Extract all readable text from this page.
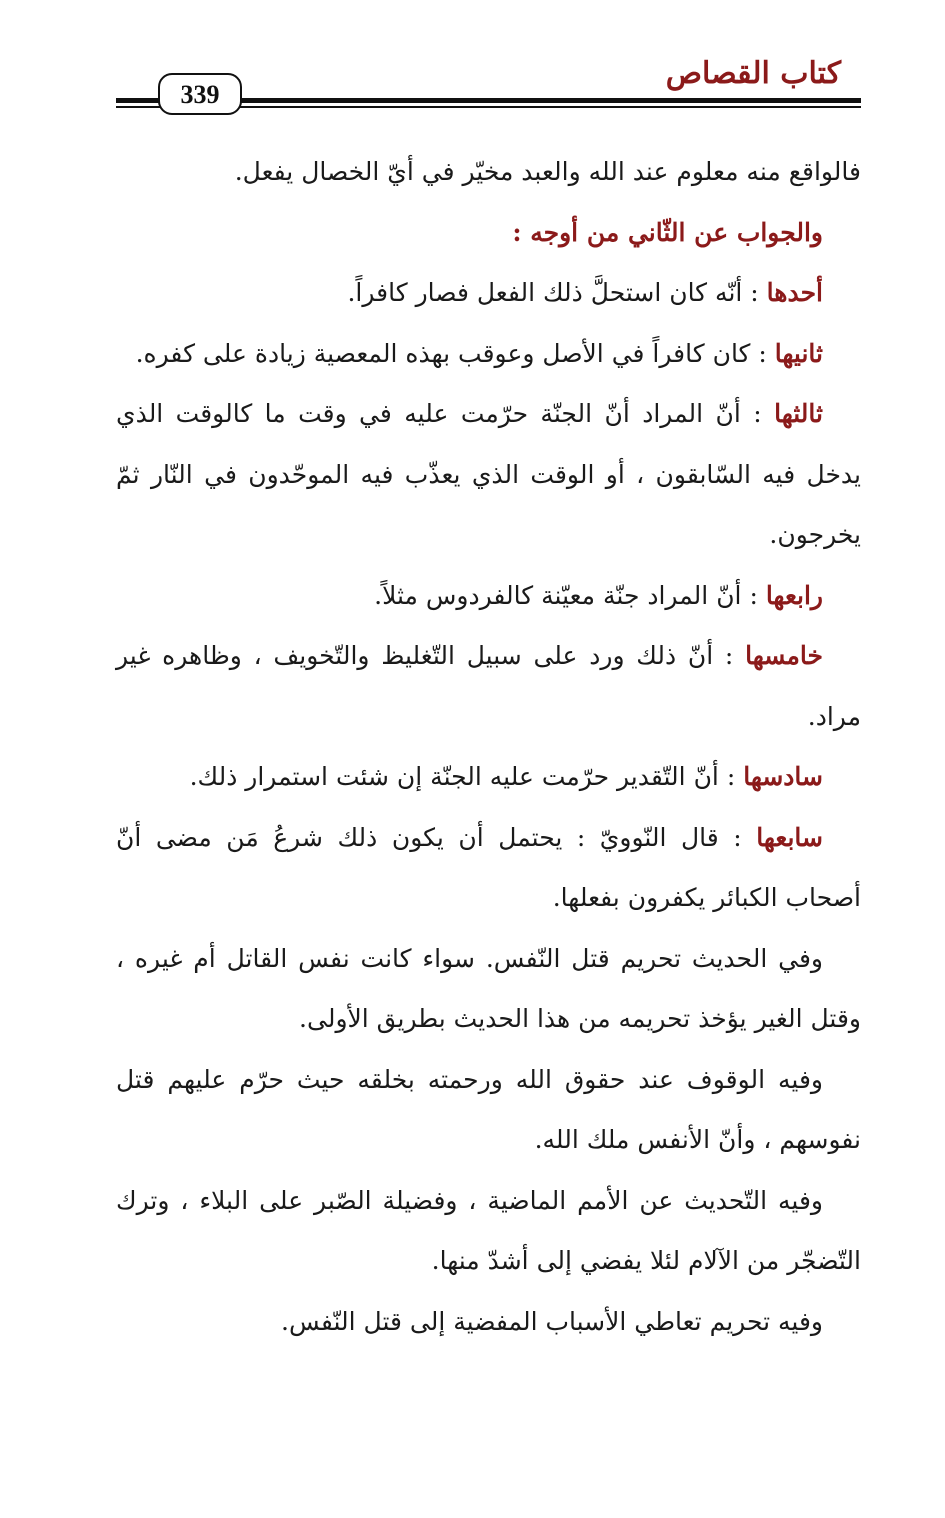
كتاب القصاص
339

فالواقع منه معلوم عند الله والعبد مخيّر في أيّ الخصال يفعل.

والجواب عن الثّاني من أوجه :

أحدها : أنّه كان استحلَّ ذلك الفعل فصار كافراً.

ثانيها : كان كافراً في الأصل وعوقب بهذه المعصية زيادة على كفره.

ثالثها : أنّ المراد أنّ الجنّة حرّمت عليه في وقت ما كالوقت الذي يدخل فيه السّابقون ، أو الوقت الذي يعذّب فيه الموحّدون في النّار ثمّ يخرجون.

رابعها : أنّ المراد جنّة معيّنة كالفردوس مثلاً.

خامسها : أنّ ذلك ورد على سبيل التّغليظ والتّخويف ، وظاهره غير مراد.

سادسها : أنّ التّقدير حرّمت عليه الجنّة إن شئت استمرار ذلك.

سابعها : قال النّوويّ : يحتمل أن يكون ذلك شرعُ مَن مضى أنّ أصحاب الكبائر يكفرون بفعلها.

وفي الحديث تحريم قتل النّفس. سواء كانت نفس القاتل أم غيره ، وقتل الغير يؤخذ تحريمه من هذا الحديث بطريق الأولى.

وفيه الوقوف عند حقوق الله ورحمته بخلقه حيث حرّم عليهم قتل نفوسهم ، وأنّ الأنفس ملك الله.

وفيه التّحديث عن الأمم الماضية ، وفضيلة الصّبر على البلاء ، وترك التّضجّر من الآلام لئلا يفضي إلى أشدّ منها.

وفيه تحريم تعاطي الأسباب المفضية إلى قتل النّفس.
